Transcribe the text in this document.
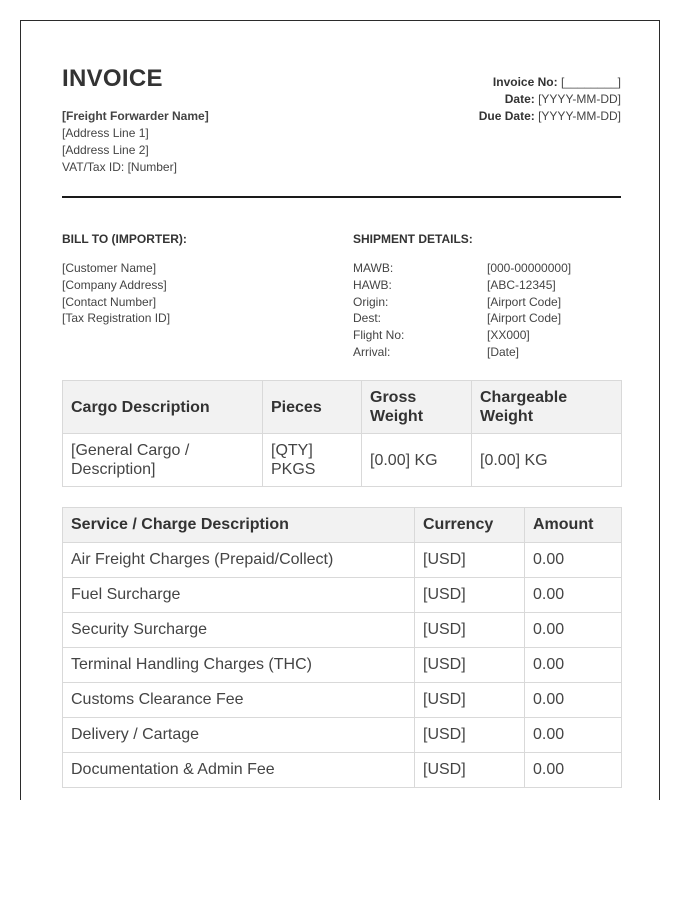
INVOICE
[Freight Forwarder Name]
[Address Line 1]
[Address Line 2]
VAT/Tax ID: [Number]
Invoice No: [________]
Date: [YYYY-MM-DD]
Due Date: [YYYY-MM-DD]
BILL TO (IMPORTER):	SHIPMENT DETAILS:
[Customer Name]
[Company Address]
[Contact Number]
[Tax Registration ID]
MAWB:	[000-00000000]
HAWB:	[ABC-12345]
Origin:	[Airport Code]
Dest:	[Airport Code]
Flight No:	[XX000]
Arrival:	[Date]
Cargo Description	Pieces	Gross Weight	Chargeable Weight
[General Cargo / Description]	[QTY] PKGS	[0.00] KG	[0.00] KG
Service / Charge Description	Currency	Amount
Air Freight Charges (Prepaid/Collect)	[USD]	0.00
Fuel Surcharge	[USD]	0.00
Security Surcharge	[USD]	0.00
Terminal Handling Charges (THC)	[USD]	0.00
Customs Clearance Fee	[USD]	0.00
Delivery / Cartage	[USD]	0.00
Documentation & Admin Fee	[USD]	0.00
